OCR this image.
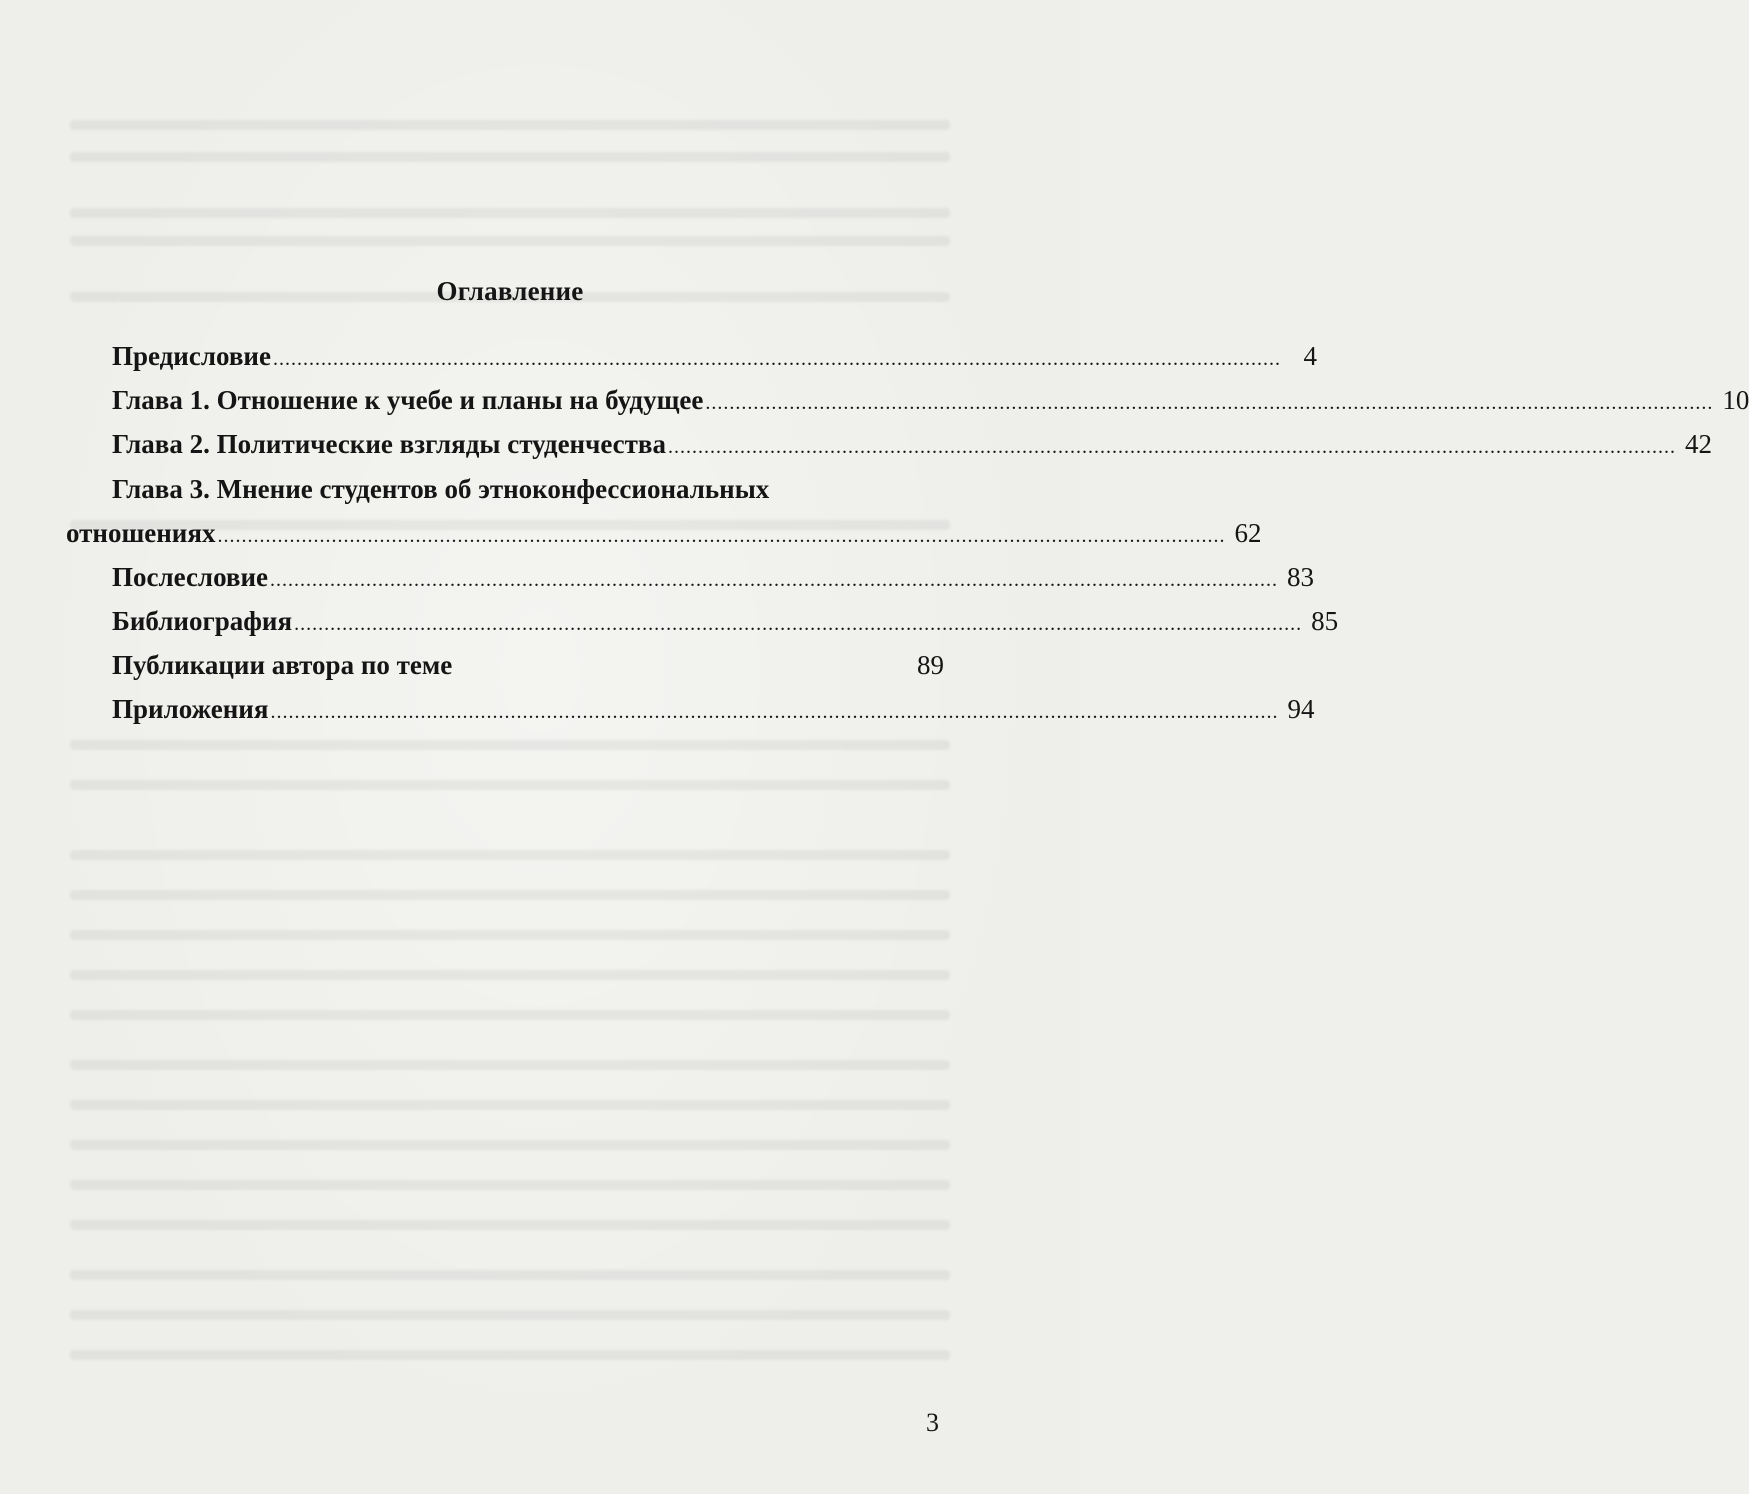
Оглавление
Предисловие ........................................................................................................................................................................ 4
Глава 1. Отношение к учебе и планы на будущее ........................................................................................................................................................................ 10
Глава 2. Политические взгляды студенчества ........................................................................................................................................................................ 42
Глава 3. Мнение студентов об этноконфессиональных
отношениях ........................................................................................................................................................................ 62
Послесловие ........................................................................................................................................................................ 83
Библиография ........................................................................................................................................................................ 85
Публикации автора по теме	89
Приложения ........................................................................................................................................................................ 94
3
